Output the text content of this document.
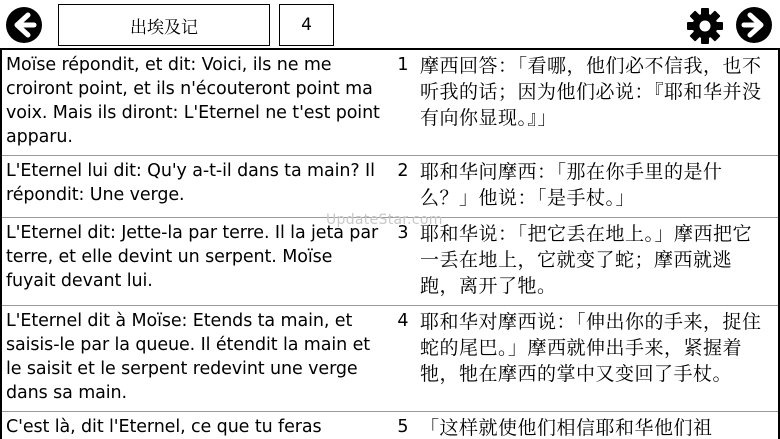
出埃及记	4
Moïse répondit, et dit: Voici, ils ne me croiront point, et ils n'écouteront point ma voix. Mais ils diront: L'Eternel ne t'est point apparu.
1 摩西回答：「看哪，他们必不信我，也不听我的话；因为他们必说：『耶和华并没有向你显现。』」
L'Eternel lui dit: Qu'y a-t-il dans ta main? Il répondit: Une verge.
2 耶和华问摩西：「那在你手里的是什么？」他说：「是手杖。」
L'Eternel dit: Jette-la par terre. Il la jeta par terre, et elle devint un serpent. Moïse fuyait devant lui.
3 耶和华说：「把它丢在地上。」摩西把它一丢在地上，它就变了蛇；摩西就逃跑，离开了牠。
L'Eternel dit à Moïse: Etends ta main, et saisis-le par la queue. Il étendit la main et le saisit et le serpent redevint une verge dans sa main.
4 耶和华对摩西说：「伸出你的手来，捉住蛇的尾巴。」摩西就伸出手来，紧握着牠，牠在摩西的掌中又变回了手杖。
C'est là, dit l'Eternel, ce que tu feras	5 「这样就使他们相信耶和华他们祖
UpdateStar.com
